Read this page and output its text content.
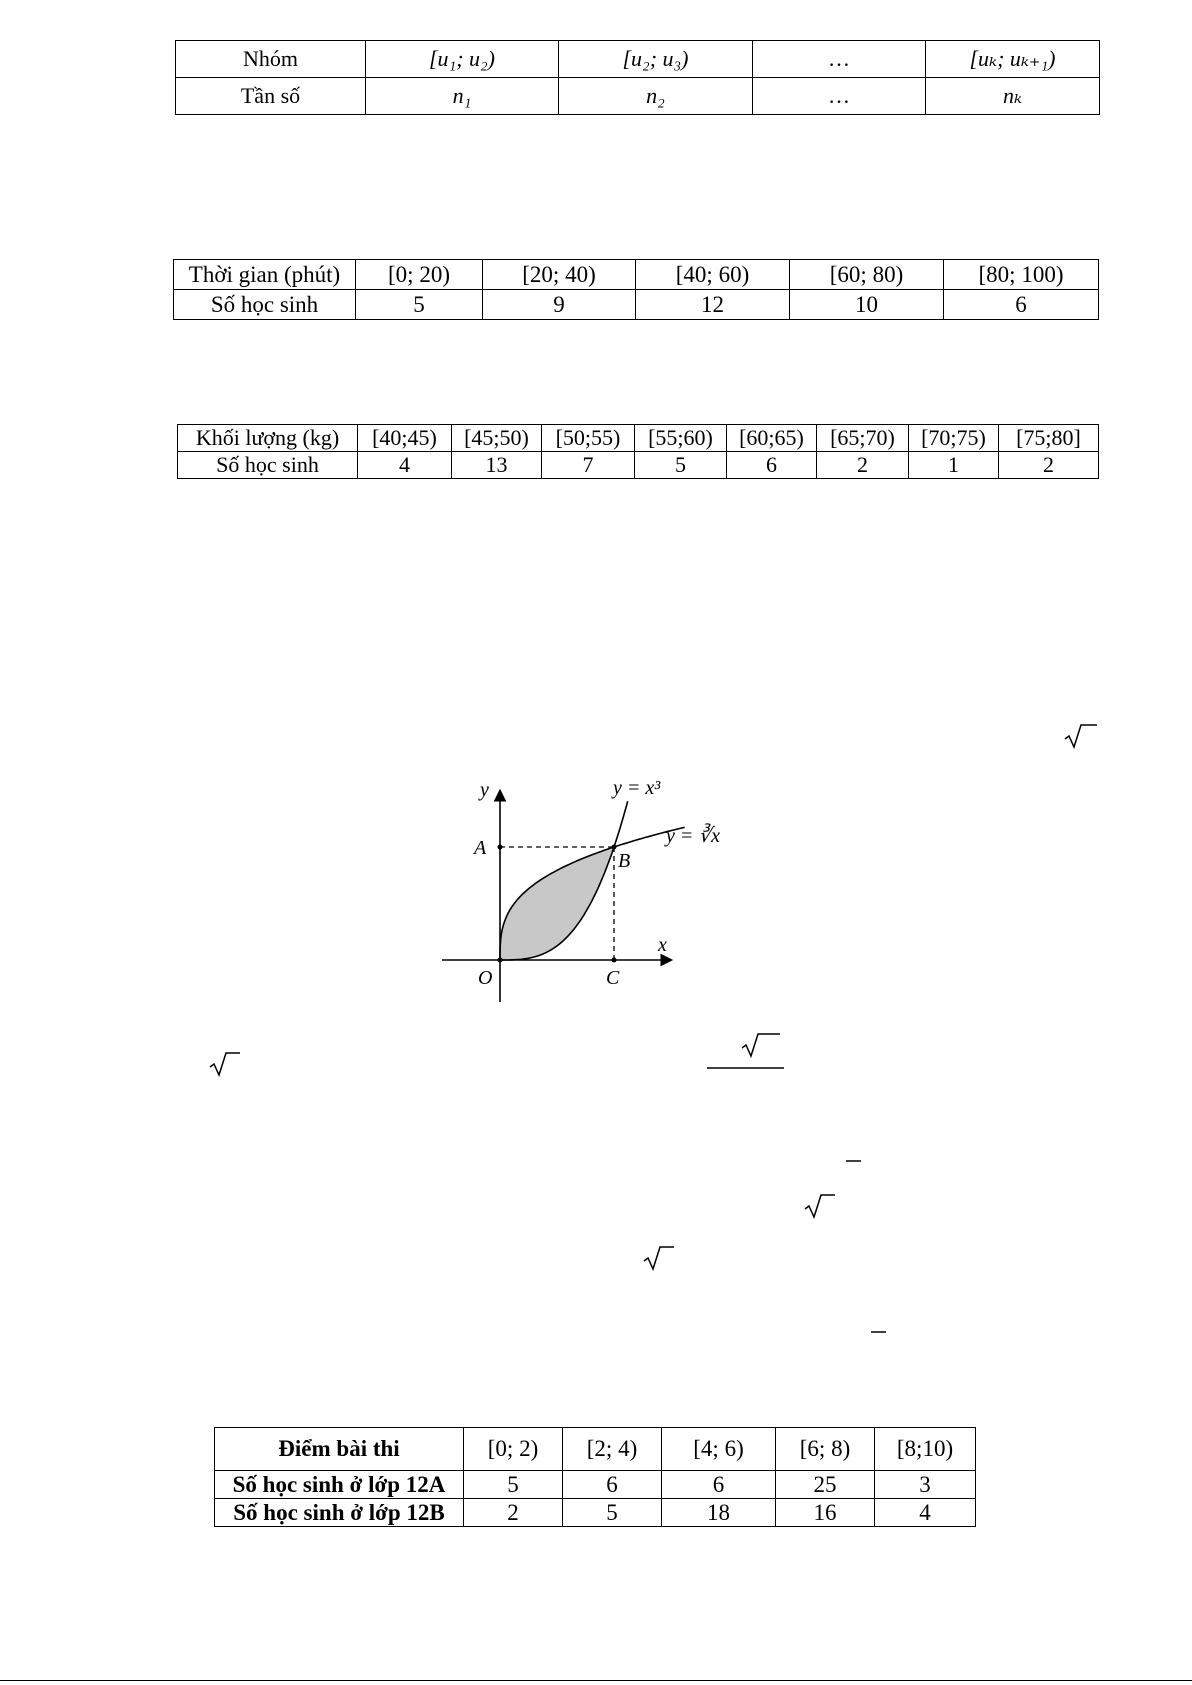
Nhóm	[u₁; u₂)	[u₂; u₃)	…	[uₖ; uₖ₊₁)
Tần số	n₁	n₂	…	nₖ
Thời gian (phút)	[0; 20)	[20; 40)	[40; 60)	[60; 80)	[80; 100)
Số học sinh	5	9	12	10	6
Khối lượng (kg)	[40;45)	[45;50)	[50;55)	[55;60)	[60;65)	[65;70)	[70;75)	[75;80]
Số học sinh	4	13	7	5	6	2	1	2
y
x
O
A
B
C
y = x³
y = ∛x
Điểm bài thi	[0; 2)	[2; 4)	[4; 6)	[6; 8)	[8;10)
Số học sinh ở lớp 12A	5	6	6	25	3
Số học sinh ở lớp 12B	2	5	18	16	4
